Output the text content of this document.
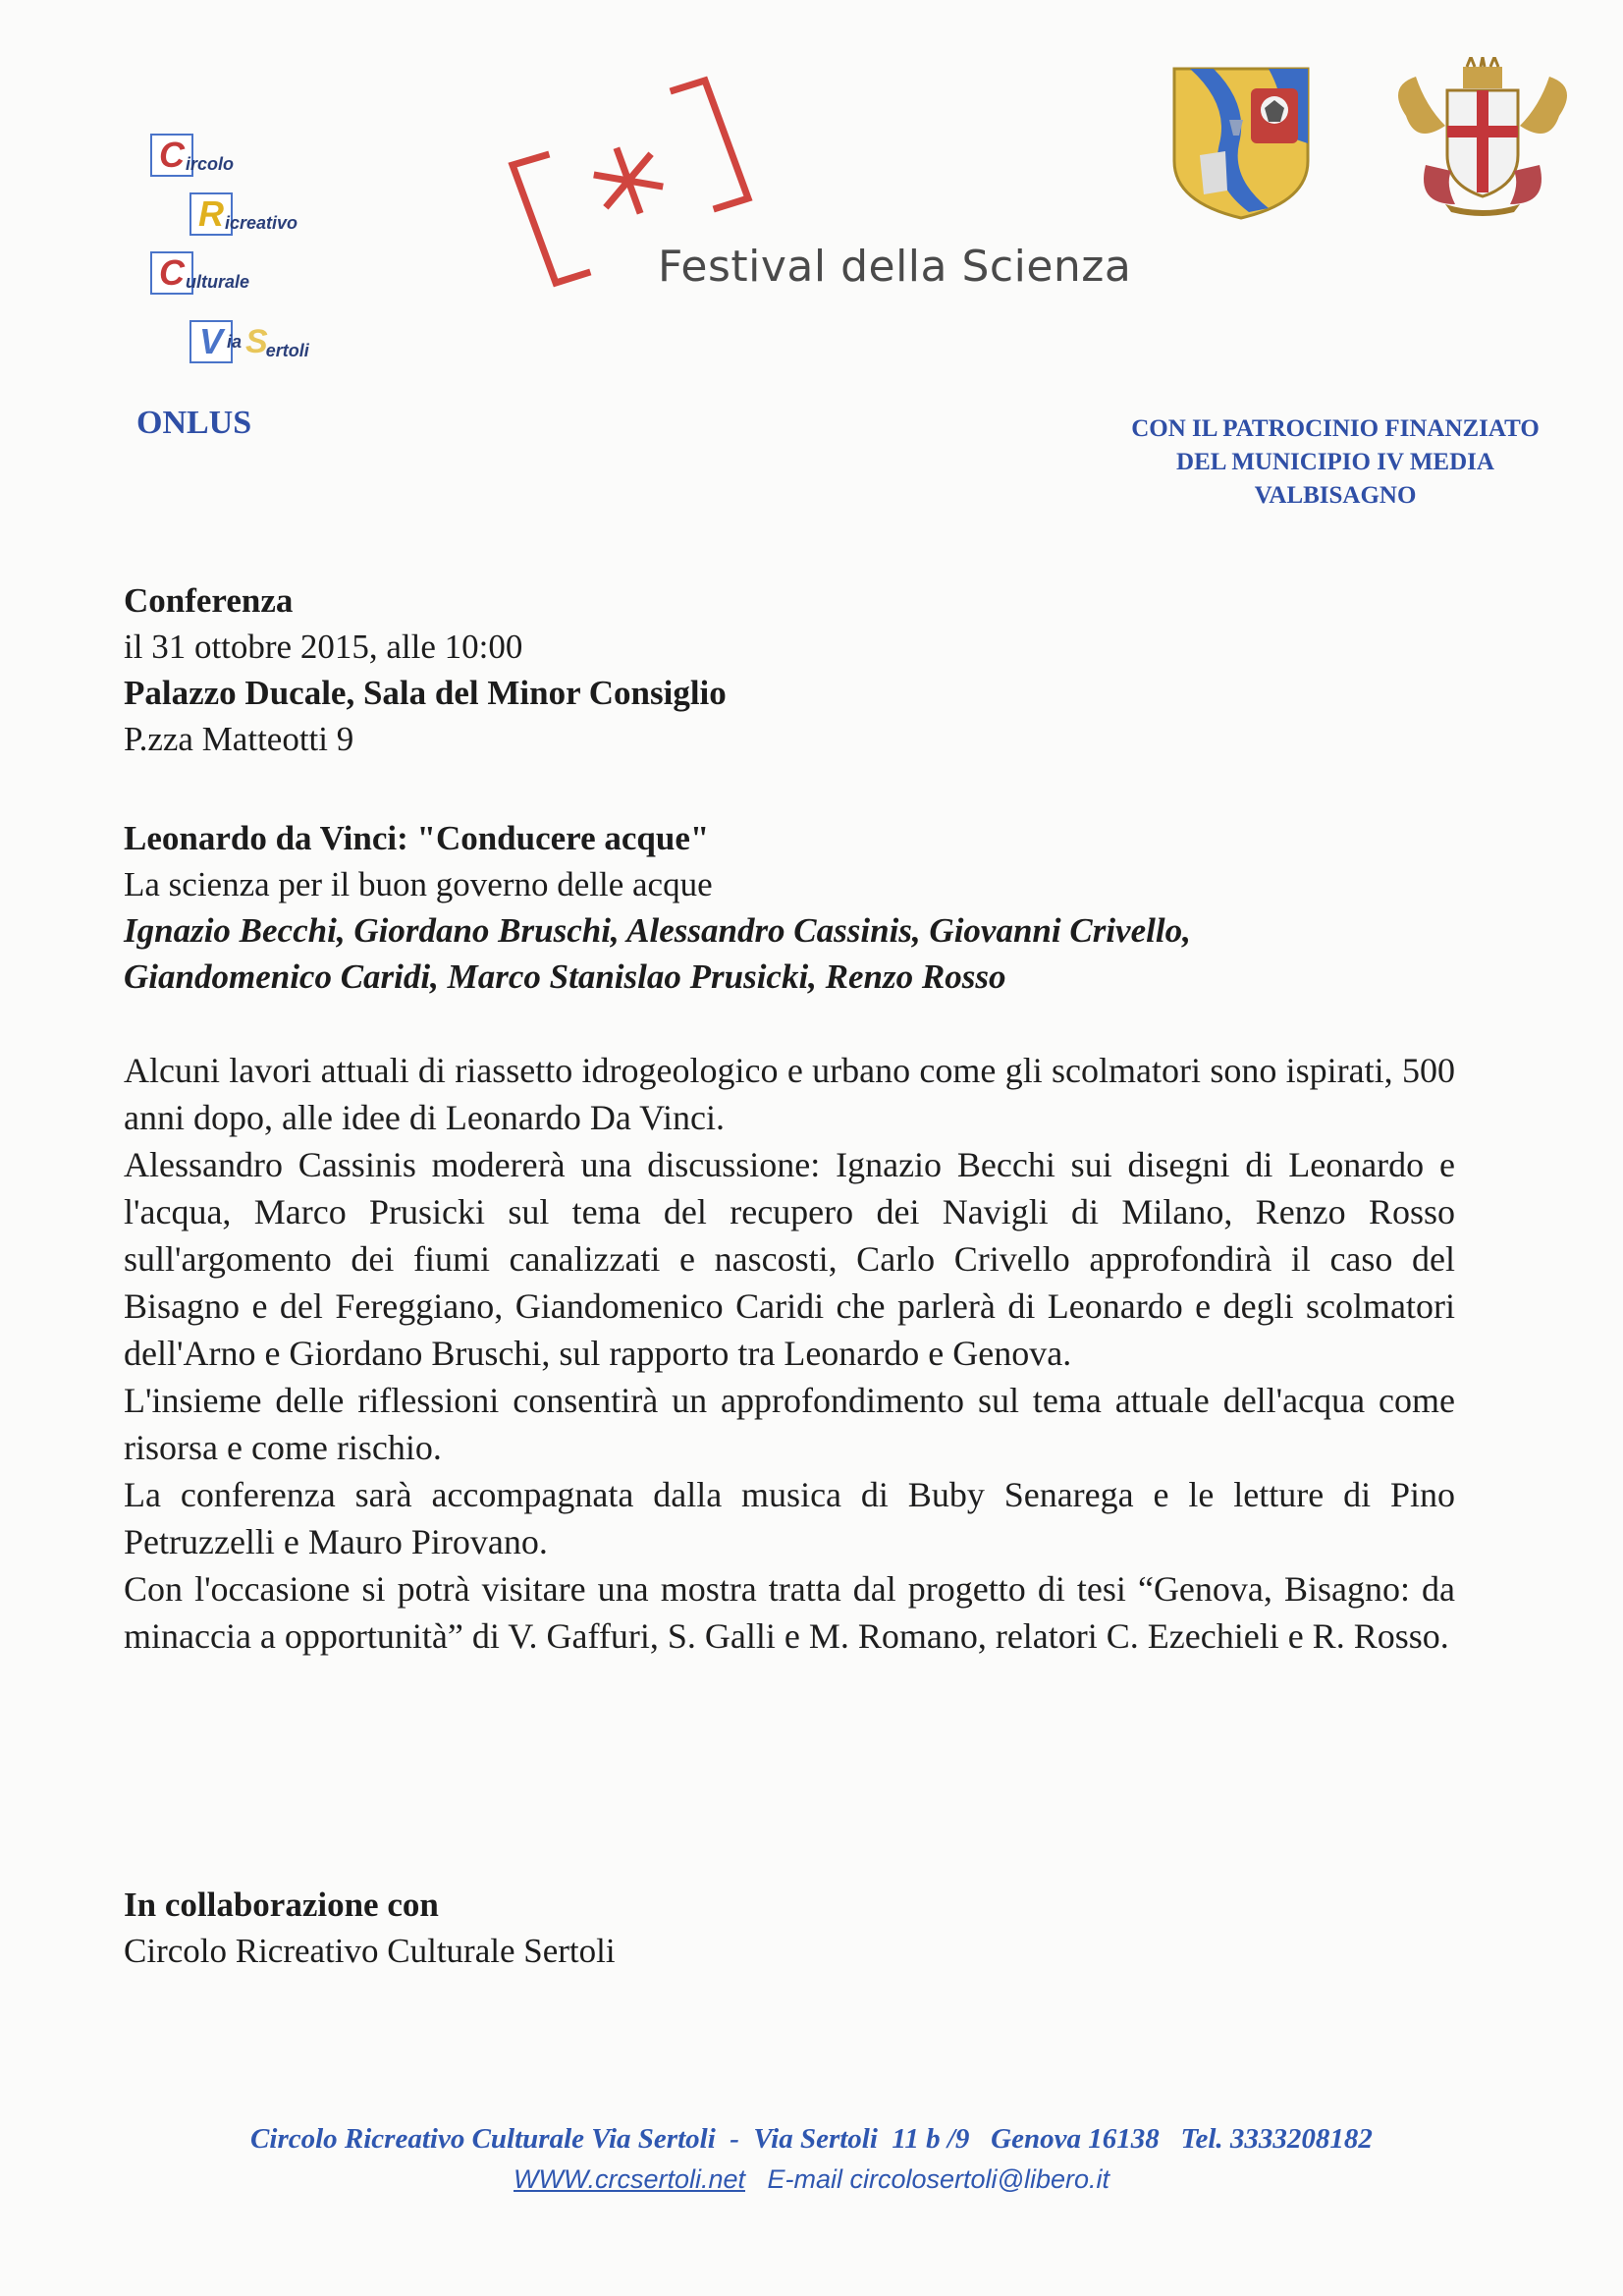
C ircolo
R icreativo
C ulturale
V ia S
ertoli
ONLUS
Festival della Scienza
CON IL PATROCINIO FINANZIATO
DEL MUNICIPIO IV MEDIA
VALBISAGNO
Conferenza
il 31 ottobre 2015, alle 10:00
Palazzo Ducale, Sala del Minor Consiglio
P.zza Matteotti 9
Leonardo da Vinci: "Conducere acque"
La scienza per il buon governo delle acque
Ignazio Becchi, Giordano Bruschi, Alessandro Cassinis, Giovanni Crivello,
Giandomenico Caridi, Marco Stanislao Prusicki, Renzo Rosso

Alcuni lavori attuali di riassetto idrogeologico e urbano come gli scolmatori sono ispirati, 500 anni dopo, alle idee di Leonardo Da Vinci.

Alessandro Cassinis modererà una discussione: Ignazio Becchi sui disegni di Leonardo e l'acqua, Marco Prusicki sul tema del recupero dei Navigli di Milano, Renzo Rosso sull'argomento dei fiumi canalizzati e nascosti, Carlo Crivello approfondirà il caso del Bisagno e del Fereggiano, Giandomenico Caridi che parlerà di Leonardo e degli scolmatori dell'Arno e Giordano Bruschi, sul rapporto tra Leonardo e Genova.

L'insieme delle riflessioni consentirà un approfondimento sul tema attuale dell'acqua come risorsa e come rischio.

La conferenza sarà accompagnata dalla musica di Buby Senarega e le letture di Pino Petruzzelli e Mauro Pirovano.

Con l'occasione si potrà visitare una mostra tratta dal progetto di tesi “Genova, Bisagno: da minaccia a opportunità” di V. Gaffuri, S. Galli e M. Romano, relatori C. Ezechieli e R. Rosso.

In collaborazione con
Circolo Ricreativo Culturale Sertoli
Circolo Ricreativo Culturale Via Sertoli  -  Via Sertoli  11 b /9   Genova 16138   Tel. 3333208182
WWW.crcsertoli.net   E-mail circolosertoli@libero.it
